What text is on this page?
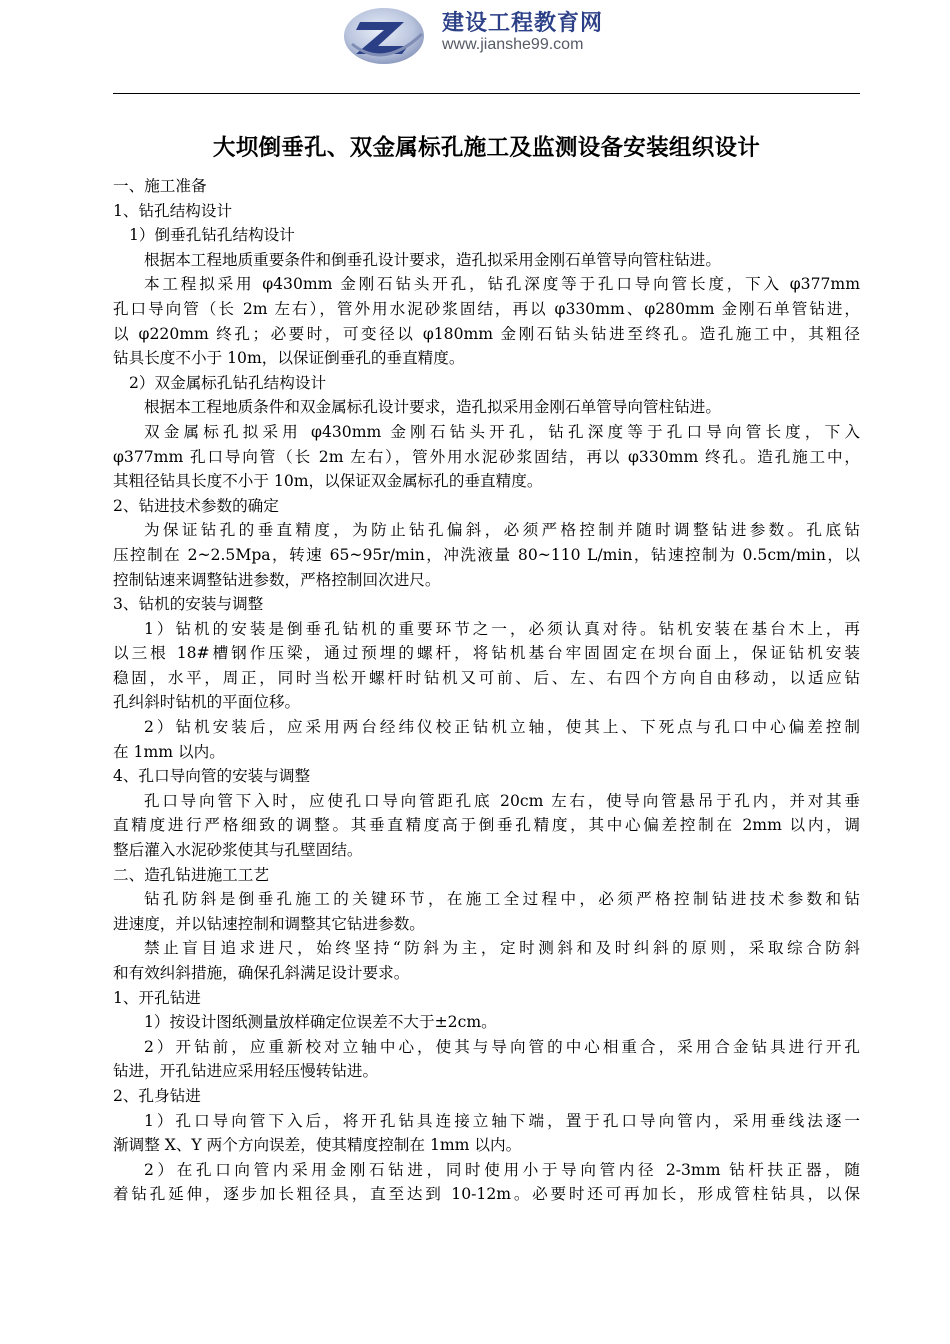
建设工程教育网
www.jianshe99.com
大坝倒垂孔、双金属标孔施工及监测设备安装组织设计
一、施工准备
1、钻孔结构设计
1）倒垂孔钻孔结构设计
根据本工程地质重要条件和倒垂孔设计要求，造孔拟采用金刚石单管导向管柱钻进。
本工程拟采用 φ430mm 金刚石钻头开孔，钻孔深度等于孔口导向管长度，下入 φ377mm
孔口导向管（长 2m 左右），管外用水泥砂浆固结，再以 φ330mm、φ280mm 金刚石单管钻进，
以 φ220mm 终孔；必要时，可变径以 φ180mm 金刚石钻头钻进至终孔。造孔施工中，其粗径
钻具长度不小于 10m，以保证倒垂孔的垂直精度。
2）双金属标孔钻孔结构设计
根据本工程地质条件和双金属标孔设计要求，造孔拟采用金刚石单管导向管柱钻进。
双金属标孔拟采用 φ430mm 金刚石钻头开孔，钻孔深度等于孔口导向管长度，下入
φ377mm 孔口导向管（长 2m 左右），管外用水泥砂浆固结，再以 φ330mm 终孔。造孔施工中，
其粗径钻具长度不小于 10m，以保证双金属标孔的垂直精度。
2、钻进技术参数的确定
为保证钻孔的垂直精度，为防止钻孔偏斜，必须严格控制并随时调整钻进参数。孔底钻
压控制在 2~2.5Mpa，转速 65~95r/min，冲洗液量 80~110 L/min，钻速控制为 0.5cm/min，以
控制钻速来调整钻进参数，严格控制回次进尺。
3、钻机的安装与调整
1）钻机的安装是倒垂孔钻机的重要环节之一，必须认真对待。钻机安装在基台木上，再
以三根 18#槽钢作压梁，通过预埋的螺杆，将钻机基台牢固固定在坝台面上，保证钻机安装
稳固，水平，周正，同时当松开螺杆时钻机又可前、后、左、右四个方向自由移动，以适应钻
孔纠斜时钻机的平面位移。
2）钻机安装后，应采用两台经纬仪校正钻机立轴，使其上、下死点与孔口中心偏差控制
在 1mm 以内。
4、孔口导向管的安装与调整
孔口导向管下入时，应使孔口导向管距孔底 20cm 左右，使导向管悬吊于孔内，并对其垂
直精度进行严格细致的调整。其垂直精度高于倒垂孔精度，其中心偏差控制在 2mm 以内，调
整后灌入水泥砂浆使其与孔壁固结。
二、造孔钻进施工工艺
钻孔防斜是倒垂孔施工的关键环节，在施工全过程中，必须严格控制钻进技术参数和钻
进速度，并以钻速控制和调整其它钻进参数。
禁止盲目追求进尺，始终坚持“防斜为主，定时测斜和及时纠斜的原则，采取综合防斜
和有效纠斜措施，确保孔斜满足设计要求。
1、开孔钻进
1）按设计图纸测量放样确定位误差不大于±2cm。
2）开钻前，应重新校对立轴中心，使其与导向管的中心相重合，采用合金钻具进行开孔
钻进，开孔钻进应采用轻压慢转钻进。
2、孔身钻进
1）孔口导向管下入后，将开孔钻具连接立轴下端，置于孔口导向管内，采用垂线法逐一
渐调整 X、Y 两个方向误差，使其精度控制在 1mm 以内。
2）在孔口向管内采用金刚石钻进，同时使用小于导向管内径 2-3mm 钻杆扶正器，随
着钻孔延伸，逐步加长粗径具，直至达到 10-12m。必要时还可再加长，形成管柱钻具，以保
